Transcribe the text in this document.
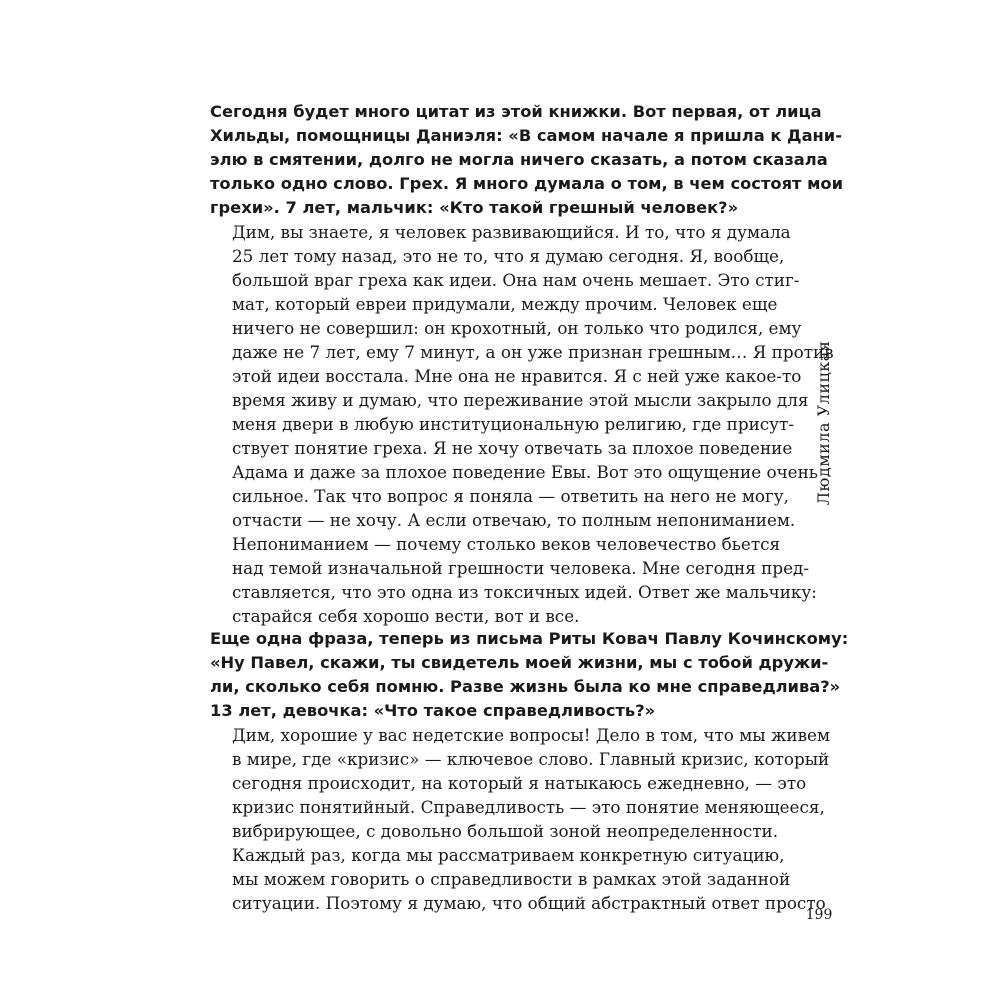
Сегодня будет много цитат из этой книжки. Вот первая, от лица
Хильды, помощницы Даниэля: «В самом начале я пришла к Дани-
элю в смятении, долго не могла ничего сказать, а потом сказала
только одно слово. Грех. Я много думала о том, в чем состоят мои
грехи». 7 лет, мальчик: «Кто такой грешный человек?»
Дим, вы знаете, я человек развивающийся. И то, что я думала
25 лет тому назад, это не то, что я думаю сегодня. Я, вообще,
большой враг греха как идеи. Она нам очень мешает. Это стиг-
мат, который евреи придумали, между прочим. Человек еще
ничего не совершил: он крохотный, он только что родился, ему
даже не 7 лет, ему 7 минут, а он уже признан грешным… Я против
этой идеи восстала. Мне она не нравится. Я с ней уже какое-то
время живу и думаю, что переживание этой мысли закрыло для
меня двери в любую институциональную религию, где присут-
ствует понятие греха. Я не хочу отвечать за плохое поведение
Адама и даже за плохое поведение Евы. Вот это ощущение очень
сильное. Так что вопрос я поняла — ответить на него не могу,
отчасти — не хочу. А если отвечаю, то полным непониманием.
Непониманием — почему столько веков человечество бьется
над темой изначальной грешности человека. Мне сегодня пред-
ставляется, что это одна из токсичных идей. Ответ же мальчику:
старайся себя хорошо вести, вот и все.
Еще одна фраза, теперь из письма Риты Ковач Павлу Кочинскому:
«Ну Павел, скажи, ты свидетель моей жизни, мы с тобой дружи-
ли, сколько себя помню. Разве жизнь была ко мне справедлива?»
13 лет, девочка: «Что такое справедливость?»
Дим, хорошие у вас недетские вопросы! Дело в том, что мы живем
в мире, где «кризис» — ключевое слово. Главный кризис, который
сегодня происходит, на который я натыкаюсь ежедневно, — это
кризис понятийный. Справедливость — это понятие меняющееся,
вибрирующее, с довольно большой зоной неопределенности.
Каждый раз, когда мы рассматриваем конкретную ситуацию,
мы можем говорить о справедливости в рамках этой заданной
ситуации. Поэтому я думаю, что общий абстрактный ответ просто
Людмила Улицкая
199
